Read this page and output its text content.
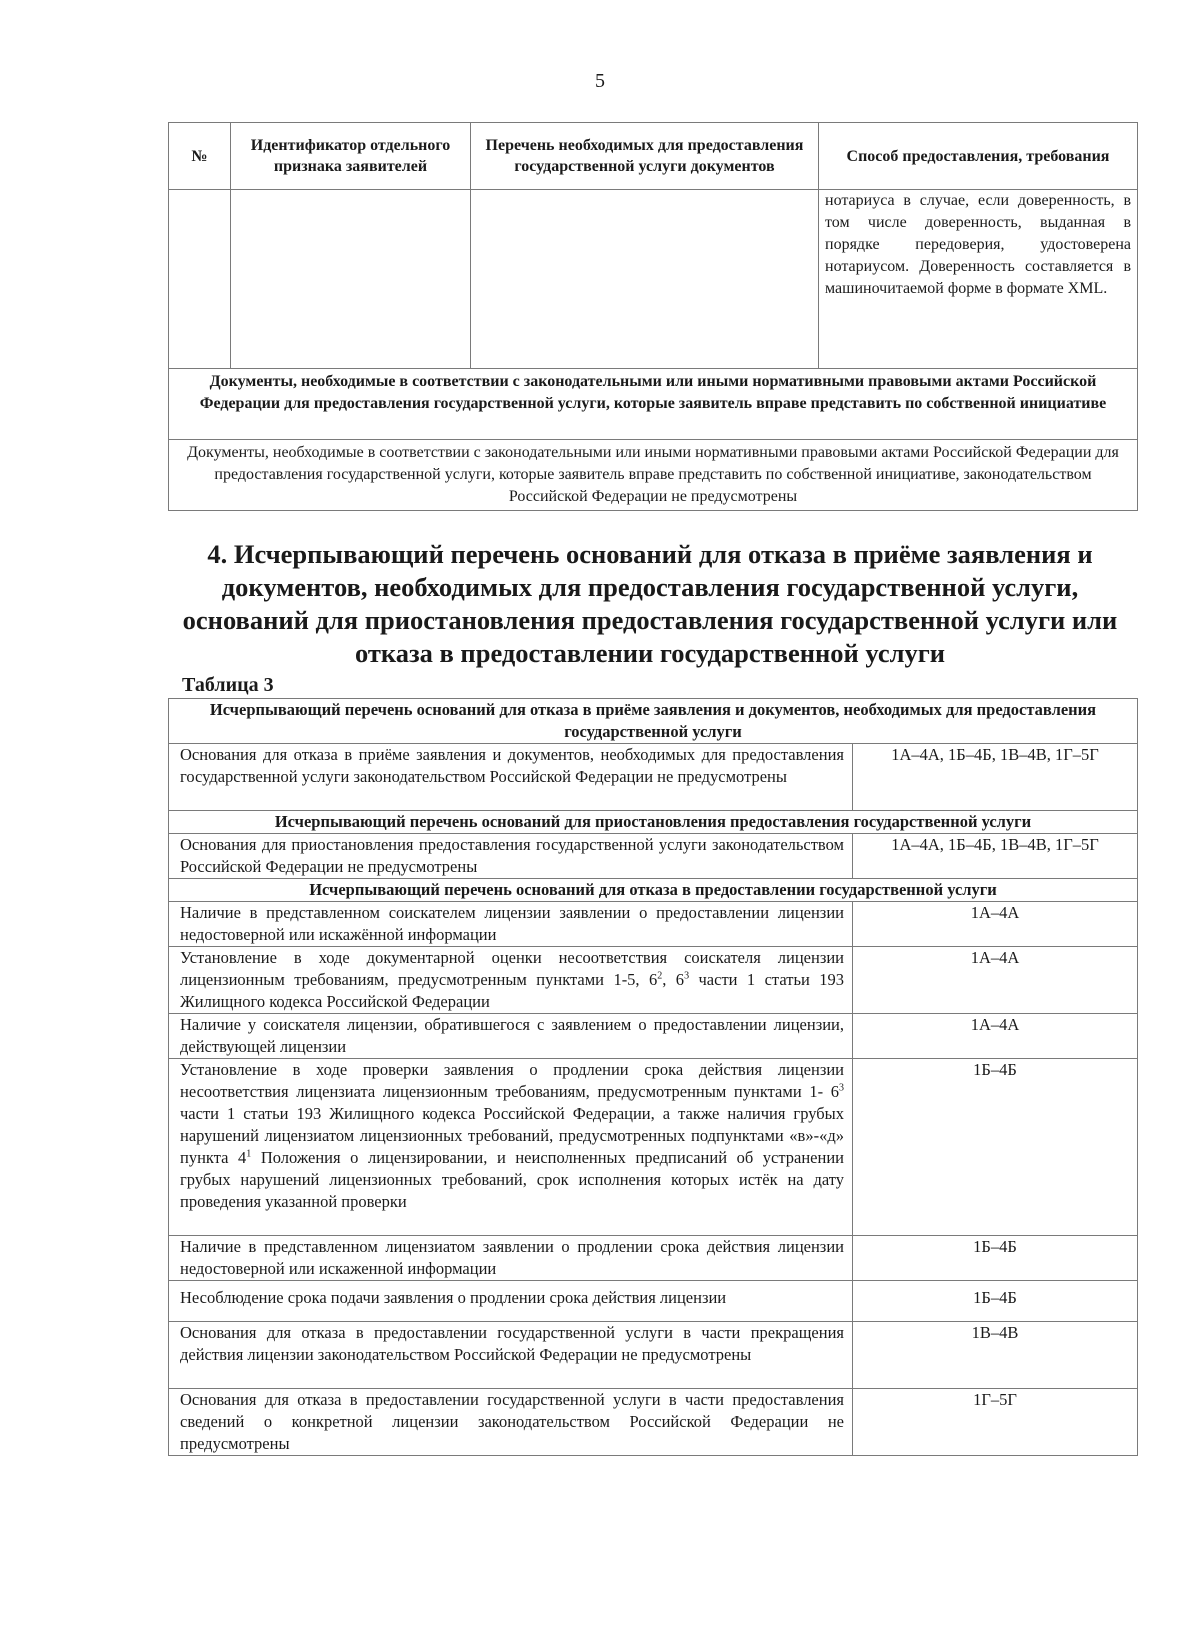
5
№	Идентификатор отдельного признака заявителей	Перечень необходимых для предоставления государственной услуги документов	Способ предоставления, требования
			нотариуса в случае, если доверенность, в том числе доверенность, выданная в порядке передоверия, удостоверена нотариусом. Доверенность составляется в машиночитаемой форме в формате XML.
Документы, необходимые в соответствии с законодательными или иными нормативными правовыми актами Российской Федерации для предоставления государственной услуги, которые заявитель вправе представить по собственной инициативе			
Документы, необходимые в соответствии с законодательными или иными нормативными правовыми актами Российской Федерации для предоставления государственной услуги, которые заявитель вправе представить по собственной инициативе, законодательством Российской Федерации не предусмотрены			
4. Исчерпывающий перечень оснований для отказа в приёме заявления и документов, необходимых для предоставления государственной услуги, оснований для приостановления предоставления государственной услуги или отказа в предоставлении государственной услуги
Таблица 3
Исчерпывающий перечень оснований для отказа в приёме заявления и документов, необходимых для предоставления государственной услуги	
Основания для отказа в приёме заявления и документов, необходимых для предоставления государственной услуги законодательством Российской Федерации не предусмотрены	1А–4А, 1Б–4Б, 1В–4В, 1Г–5Г
Исчерпывающий перечень оснований для приостановления предоставления государственной услуги	
Основания для приостановления предоставления государственной услуги законодательством Российской Федерации не предусмотрены	1А–4А, 1Б–4Б, 1В–4В, 1Г–5Г
Исчерпывающий перечень оснований для отказа в предоставлении государственной услуги	
Наличие в представленном соискателем лицензии заявлении о предоставлении лицензии недостоверной или искажённой информации	1А–4А
Установление в ходе документарной оценки несоответствия соискателя лицензии лицензионным требованиям, предусмотренным пунктами 1-5, $6^2$, $6^3$ части 1 статьи 193 Жилищного кодекса Российской Федерации	1А–4А
Наличие у соискателя лицензии, обратившегося с заявлением о предоставлении лицензии, действующей лицензии	1А–4А
Установление в ходе проверки заявления о продлении срока действия лицензии несоответствия лицензиата лицензионным требованиям, предусмотренным пунктами 1- $6^3$ части 1 статьи 193 Жилищного кодекса Российской Федерации, а также наличия грубых нарушений лицензиатом лицензионных требований, предусмотренных подпунктами «в»-«д» пункта $4^1$ Положения о лицензировании, и неисполненных предписаний об устранении грубых нарушений лицензионных требований, срок исполнения которых истёк на дату проведения указанной проверки	1Б–4Б
Наличие в представленном лицензиатом заявлении о продлении срока действия лицензии недостоверной или искаженной информации	1Б–4Б
Несоблюдение срока подачи заявления о продлении срока действия лицензии	1Б–4Б
Основания для отказа в предоставлении государственной услуги в части прекращения действия лицензии законодательством Российской Федерации не предусмотрены	1В–4В
Основания для отказа в предоставлении государственной услуги в части предоставления сведений о конкретной лицензии законодательством Российской Федерации не предусмотрены	1Г–5Г
